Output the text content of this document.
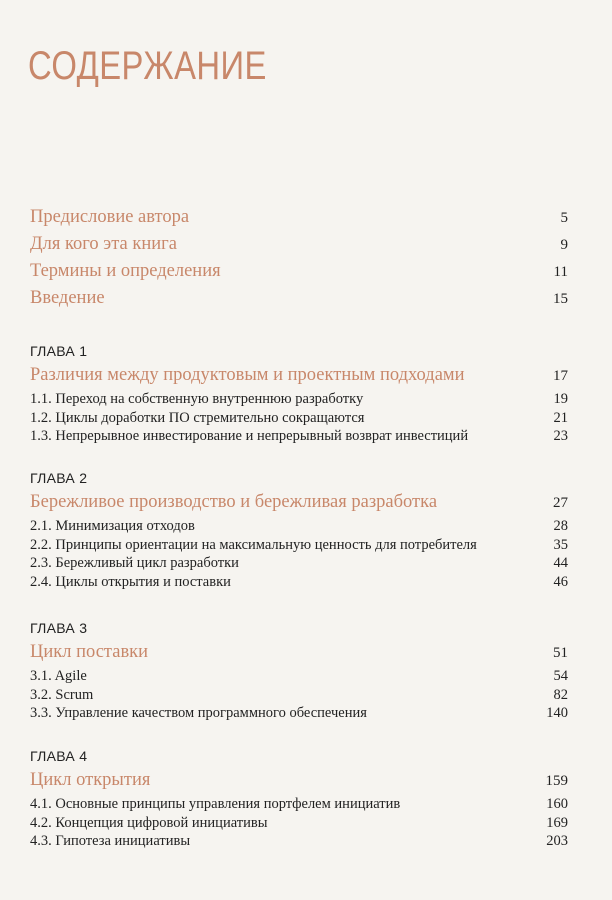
СОДЕРЖАНИЕ
Предисловие автора	5
Для кого эта книга	9
Термины и определения	11
Введение	15
ГЛАВА 1
Различия между продуктовым и проектным подходами	17
1.1. Переход на собственную внутреннюю разработку	19
1.2. Циклы доработки ПО стремительно сокращаются	21
1.3. Непрерывное инвестирование и непрерывный возврат инвестиций	23
ГЛАВА 2
Бережливое производство и бережливая разработка	27
2.1. Минимизация отходов	28
2.2. Принципы ориентации на максимальную ценность для потребителя	35
2.3. Бережливый цикл разработки	44
2.4. Циклы открытия и поставки	46
ГЛАВА 3
Цикл поставки	51
3.1. Agile	54
3.2. Scrum	82
3.3. Управление качеством программного обеспечения	140
ГЛАВА 4
Цикл открытия	159
4.1. Основные принципы управления портфелем инициатив	160
4.2. Концепция цифровой инициативы	169
4.3. Гипотеза инициативы	203
